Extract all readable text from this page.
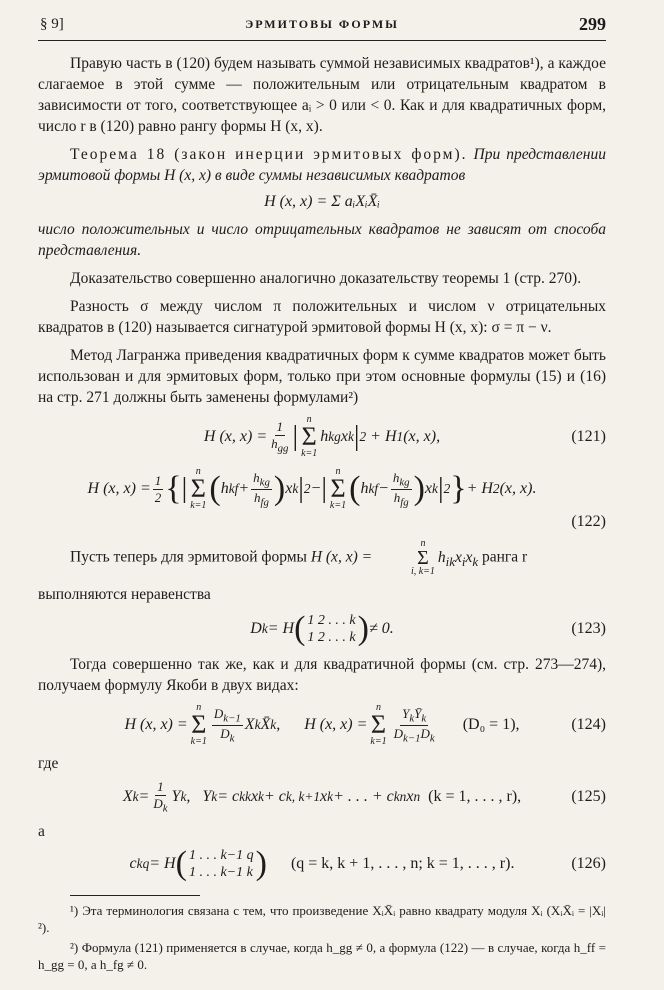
§ 9]	ЭРМИТОВЫ ФОРМЫ	299

Правую часть в (120) будем называть суммой независимых квадратов¹), а каждое слагаемое в этой сумме — положительным или отрицательным квадратом в зависимости от того, соответствующее aᵢ > 0 или < 0. Как и для квадратичных форм, число r в (120) равно рангу формы H (x, x).

Теорема 18 (закон инерции эрмитовых форм). При представлении эрмитовой формы H (x, x) в виде суммы независимых квадратов

H (x, x) = Σ aᵢXᵢX̄ᵢ

число положительных и число отрицательных квадратов не зависят от способа представления.

Доказательство совершенно аналогично доказательству теоремы 1 (стр. 270).

Разность σ между числом π положительных и числом ν отрицательных квадратов в (120) называется сигнатурой эрмитовой формы H (x, x): σ = π − ν.

Метод Лагранжа приведения квадратичных форм к сумме квадратов может быть использован и для эрмитовых форм, только при этом основные формулы (15) и (16) на стр. 271 должны быть заменены формулами²)

H (x, $x) = \frac{1}{h_{gg}}$ |
n
Σ
k=1
h kg x k | 2 + H 1 (x, x),	(121)
H (x, $x) = \frac{1}{2}$ { |
n
Σ
k=1 ( h kf + $\frac{h_{kg}}{h_{fg}}$ ) x k | 2 − |
n
Σ
k=1 ( h kf − $\frac{h_{kg}}{h_{fg}}$ ) x k | 2 } + H 2 (x, x).
(122)

Пусть теперь для эрмитовой формы H (x, x) =
n
Σ
i, k=1
$h_{ik}x_ix_k$ ранга r

выполняются неравенства

D k = H ( 1 2 . . . k
1 2 . . . k ) ≠ 0.	(123)

Тогда совершенно так же, как и для квадратичной формы (см. стр. 273—274), получаем формулу Якоби в двух видах:

H (x, x) =
n
Σ
$k=1 \frac{D_{k-1}}{D_k}$ X k X̄ k , H (x, x) =
n
Σ
$k=1 \frac{Y_kȲ_k}{D_{k-1}D_k} (D_0 = 1)$,	(124)
где
X $k = \frac{1}{D_k}$ Y k ,   Y k = c kk x k + c k, k+1 x k + . . . + c kn x n
(k = 1, . . . , r),	(125)
а
c kq = H ( 1 . . . k−1 q
1 . . . k−1 k ) (q = k, k + 1, . . . , n; k = 1, . . . , r).	(126)
¹) Эта терминология связана с тем, что произведение XᵢX̄ᵢ равно квадрату модуля Xᵢ (XᵢX̄ᵢ = |Xᵢ|²).
²) Формула (121) применяется в случае, когда h_gg ≠ 0, а формула (122) — в случае, когда h_ff = h_gg = 0, а h_fg ≠ 0.
